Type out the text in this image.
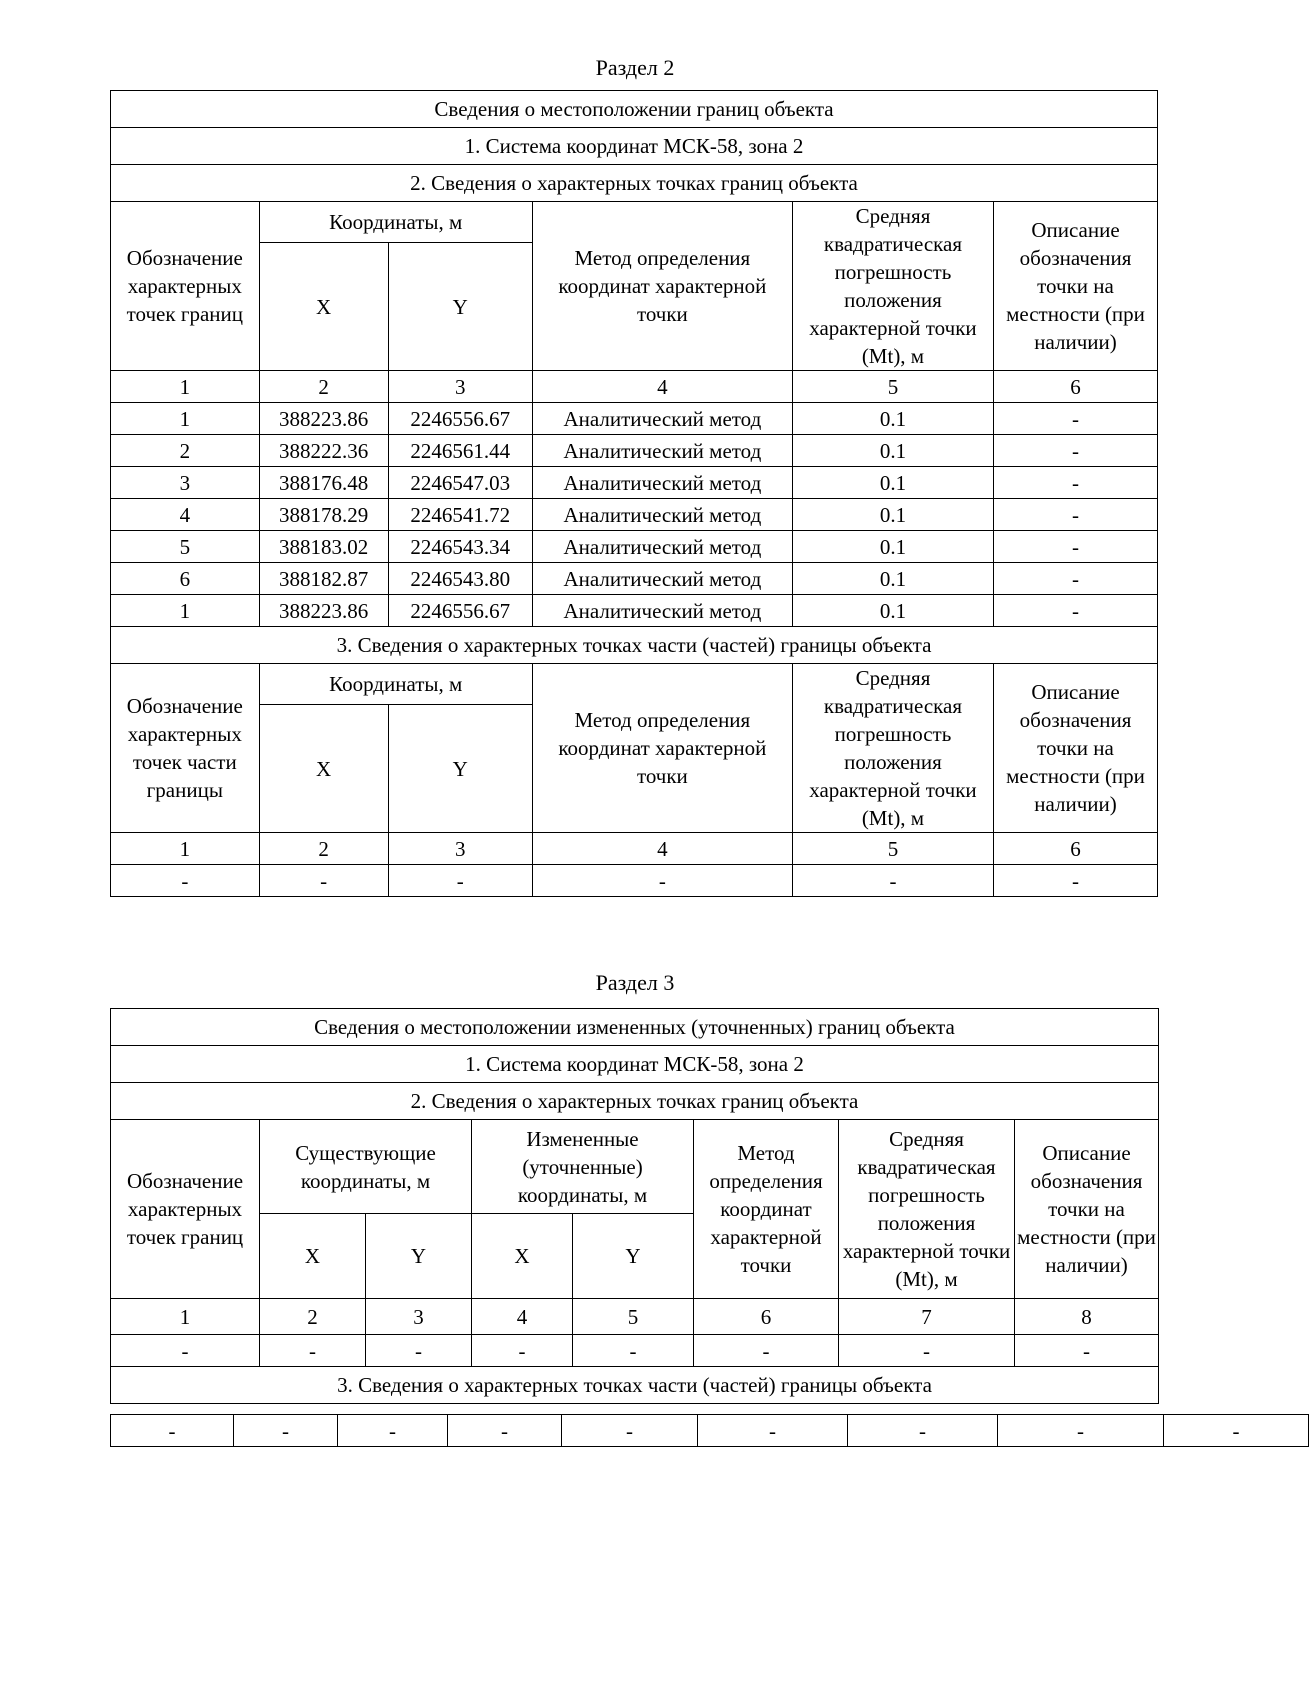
Раздел 2
Сведения о местоположении границ объекта					
1. Система координат МСК-58, зона 2					
2. Сведения о характерных точках границ объекта					
Обозначение характерных точек границ	Координаты, м		Метод определения координат характерной точки	Средняя квадратическая погрешность положения характерной точки (Mt), м	Описание обозначения точки на местности (при наличии)
	X	Y			
1	2	3	4	5	6
1	388223.86	2246556.67	Аналитический метод	0.1	-
2	388222.36	2246561.44	Аналитический метод	0.1	-
3	388176.48	2246547.03	Аналитический метод	0.1	-
4	388178.29	2246541.72	Аналитический метод	0.1	-
5	388183.02	2246543.34	Аналитический метод	0.1	-
6	388182.87	2246543.80	Аналитический метод	0.1	-
1	388223.86	2246556.67	Аналитический метод	0.1	-
3. Сведения о характерных точках части (частей) границы объекта					
Обозначение характерных точек части границы	Координаты, м		Метод определения координат характерной точки	Средняя квадратическая погрешность положения характерной точки (Mt), м	Описание обозначения точки на местности (при наличии)
	X	Y			
1	2	3	4	5	6
-	-	-	-	-	-
Раздел 3
Сведения о местоположении измененных (уточненных) границ объекта							
1. Система координат МСК-58, зона 2							
2. Сведения о характерных точках границ объекта							
Обозначение характерных точек границ	Существующие координаты, м		Измененные (уточненные) координаты, м		Метод определения координат характерной точки	Средняя квадратическая погрешность положения характерной точки (Mt), м	Описание обозначения точки на местности (при наличии)
	X	Y	X	Y			
1	2	3	4	5	6	7	8
-	-	-	-	-	-	-	-
3. Сведения о характерных точках части (частей) границы объекта							
-	-	-	-	-	-	-	-	-
